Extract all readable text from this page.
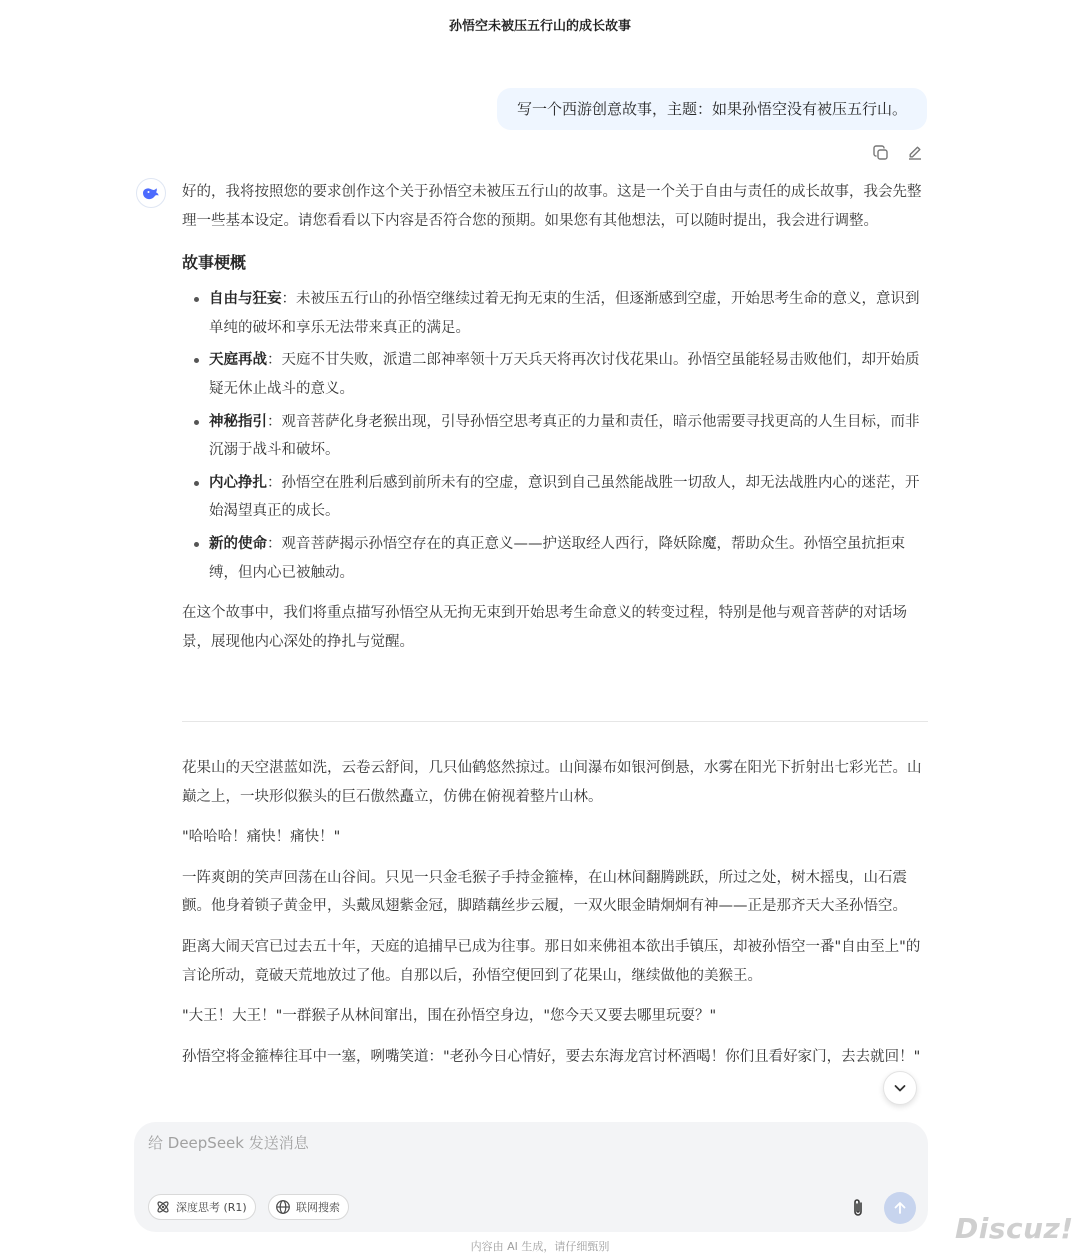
孙悟空未被压五行山的成长故事
写一个西游创意故事，主题：如果孙悟空没有被压五行山。

好的，我将按照您的要求创作这个关于孙悟空未被压五行山的故事。这是一个关于自由与责任的成长故事，我会先整理一些基本设定。请您看看以下内容是否符合您的预期。如果您有其他想法，可以随时提出，我会进行调整。

故事梗概
自由与狂妄：未被压五行山的孙悟空继续过着无拘无束的生活，但逐渐感到空虚，开始思考生命的意义，意识到单纯的破坏和享乐无法带来真正的满足。
天庭再战：天庭不甘失败，派遣二郎神率领十万天兵天将再次讨伐花果山。孙悟空虽能轻易击败他们，却开始质疑无休止战斗的意义。
神秘指引：观音菩萨化身老猴出现，引导孙悟空思考真正的力量和责任，暗示他需要寻找更高的人生目标，而非沉溺于战斗和破坏。
内心挣扎：孙悟空在胜利后感到前所未有的空虚，意识到自己虽然能战胜一切敌人，却无法战胜内心的迷茫，开始渴望真正的成长。
新的使命：观音菩萨揭示孙悟空存在的真正意义——护送取经人西行，降妖除魔，帮助众生。孙悟空虽抗拒束缚，但内心已被触动。

在这个故事中，我们将重点描写孙悟空从无拘无束到开始思考生命意义的转变过程，特别是他与观音菩萨的对话场景，展现他内心深处的挣扎与觉醒。

花果山的天空湛蓝如洗，云卷云舒间，几只仙鹤悠然掠过。山间瀑布如银河倒悬，水雾在阳光下折射出七彩光芒。山巅之上，一块形似猴头的巨石傲然矗立，仿佛在俯视着整片山林。

"哈哈哈！痛快！痛快！"

一阵爽朗的笑声回荡在山谷间。只见一只金毛猴子手持金箍棒，在山林间翻腾跳跃，所过之处，树木摇曳，山石震颤。他身着锁子黄金甲，头戴凤翅紫金冠，脚踏藕丝步云履，一双火眼金睛炯炯有神——正是那齐天大圣孙悟空。

距离大闹天宫已过去五十年，天庭的追捕早已成为往事。那日如来佛祖本欲出手镇压，却被孙悟空一番"自由至上"的言论所动，竟破天荒地放过了他。自那以后，孙悟空便回到了花果山，继续做他的美猴王。

"大王！大王！"一群猴子从林间窜出，围在孙悟空身边，"您今天又要去哪里玩耍？"

孙悟空将金箍棒往耳中一塞，咧嘴笑道："老孙今日心情好，要去东海龙宫讨杯酒喝！你们且看好家门，去去就回！"

给 DeepSeek 发送消息
深度思考 (R1)	联网搜索
内容由 AI 生成，请仔细甄别
Discuz!
